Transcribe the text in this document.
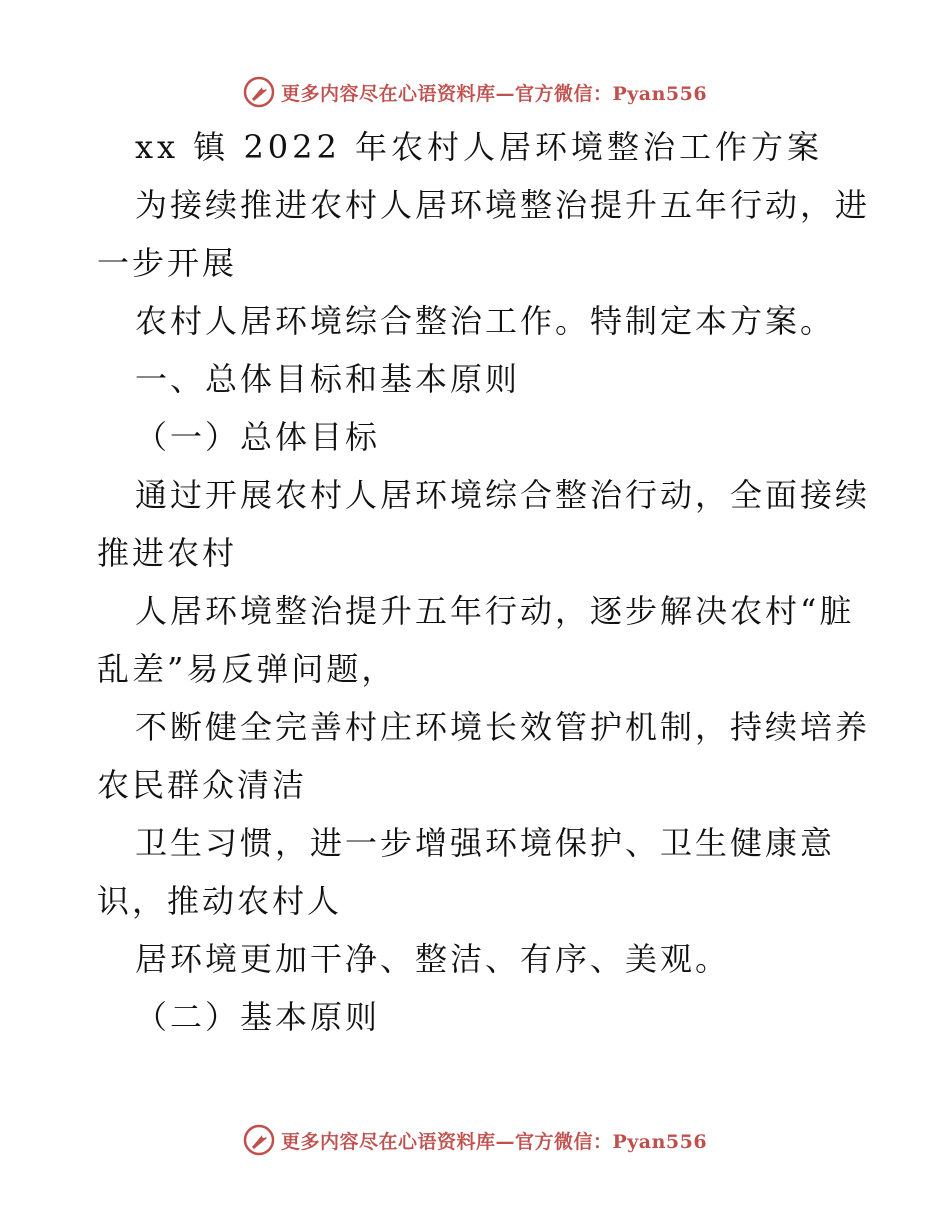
更多内容尽在心语资料库—官方微信：Pyan556
xx 镇 2022 年农村人居环境整治工作方案
为接续推进农村人居环境整治提升五年行动，进
一步开展
农村人居环境综合整治工作。特制定本方案。
一、总体目标和基本原则
（一）总体目标
通过开展农村人居环境综合整治行动，全面接续
推进农村
人居环境整治提升五年行动，逐步解决农村“脏
乱差”易反弹问题，
不断健全完善村庄环境长效管护机制，持续培养
农民群众清洁
卫生习惯，进一步增强环境保护、卫生健康意
识，推动农村人
居环境更加干净、整洁、有序、美观。
（二）基本原则
更多内容尽在心语资料库—官方微信：Pyan556
